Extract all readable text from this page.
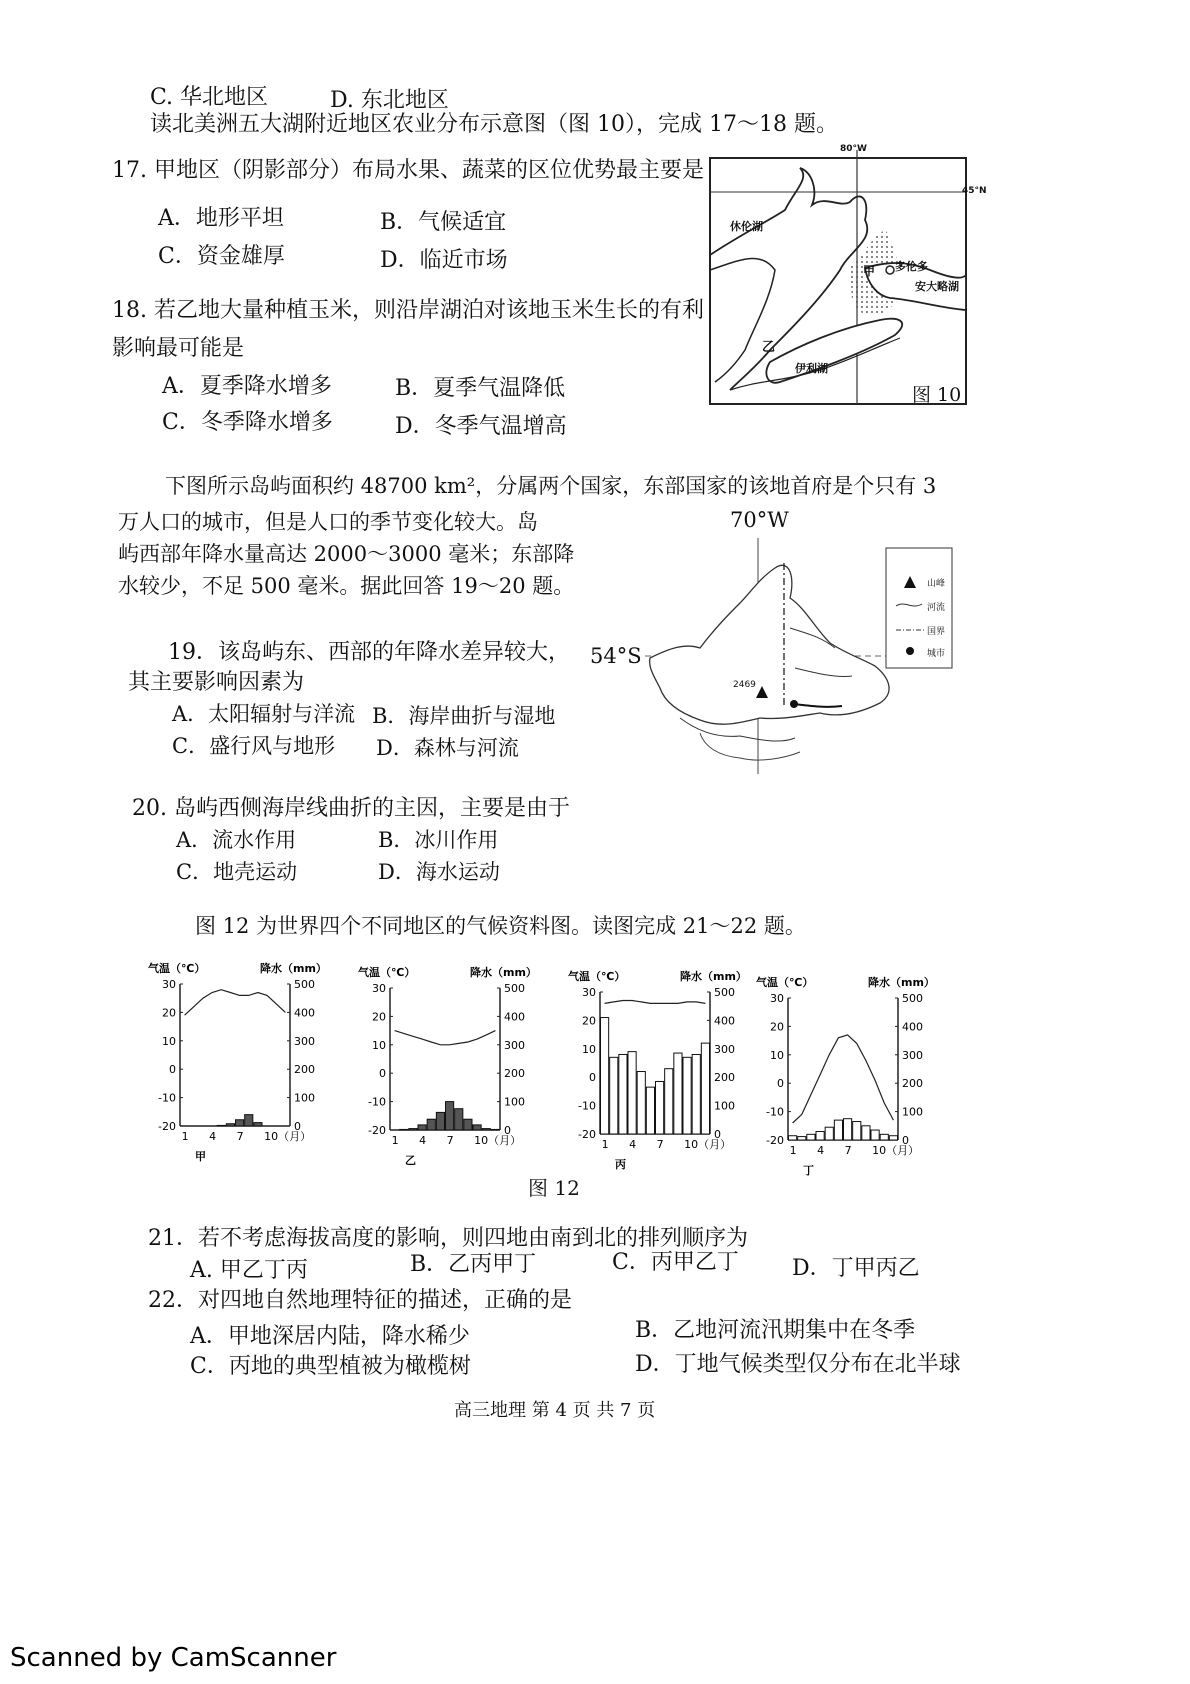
C. 华北地区	D. 东北地区
读北美洲五大湖附近地区农业分布示意图（图 10），完成 17～18 题。
17. 甲地区（阴影部分）布局水果、蔬菜的区位优势最主要是
A．地形平坦	B．气候适宜
C．资金雄厚	D．临近市场
18. 若乙地大量种植玉米，则沿岸湖泊对该地玉米生长的有利
影响最可能是
A．夏季降水增多	B．夏季气温降低
C．冬季降水增多	D．冬季气温增高
80°W
45°N
休伦湖
安大略湖
伊利湖
多伦多
甲
乙
图 10
下图所示岛屿面积约 48700 km²，分属两个国家，东部国家的该地首府是个只有 3
万人口的城市，但是人口的季节变化较大。岛
屿西部年降水量高达 2000～3000 毫米；东部降
水较少，不足 500 毫米。据此回答 19～20 题。
70°W
54°S
2469
山峰
河流
国界
城市
19．该岛屿东、西部的年降水差异较大，
其主要影响因素为
A．太阳辐射与洋流 B．海岸曲折与湿地
C．盛行风与地形 D．森林与河流
20. 岛屿西侧海岸线曲折的主因，主要是由于
A．流水作用	B．冰川作用
C．地壳运动	D．海水运动
图 12 为世界四个不同地区的气候资料图。读图完成 21～22 题。
气温（℃）	降水（mm）
-20
-10
0
10
20
30
0
100
200
300
400
500
1 4 7 10（月）
甲
气温（℃）	降水（mm）
-20
-10
0
10
20
30
0
100
200
300
400
500
1 4 7 10（月）
乙
气温（℃）	降水（mm）
-20
-10
0
10
20
30
0
100
200
300
400
500
1 4 7 10（月）
丙
气温（℃）	降水（mm）
-20
-10
0
10
20
30
0
100
200
300
400
500
1 4 7 10（月）
丁
图 12
21．若不考虑海拔高度的影响，则四地由南到北的排列顺序为
A. 甲乙丁丙	B．乙丙甲丁	C．丙甲乙丁 D．丁甲丙乙
22．对四地自然地理特征的描述，正确的是
A．甲地深居内陆，降水稀少	B．乙地河流汛期集中在冬季
C．丙地的典型植被为橄榄树	D．丁地气候类型仅分布在北半球
高三地理 第 4 页 共 7 页
Scanned by CamScanner
